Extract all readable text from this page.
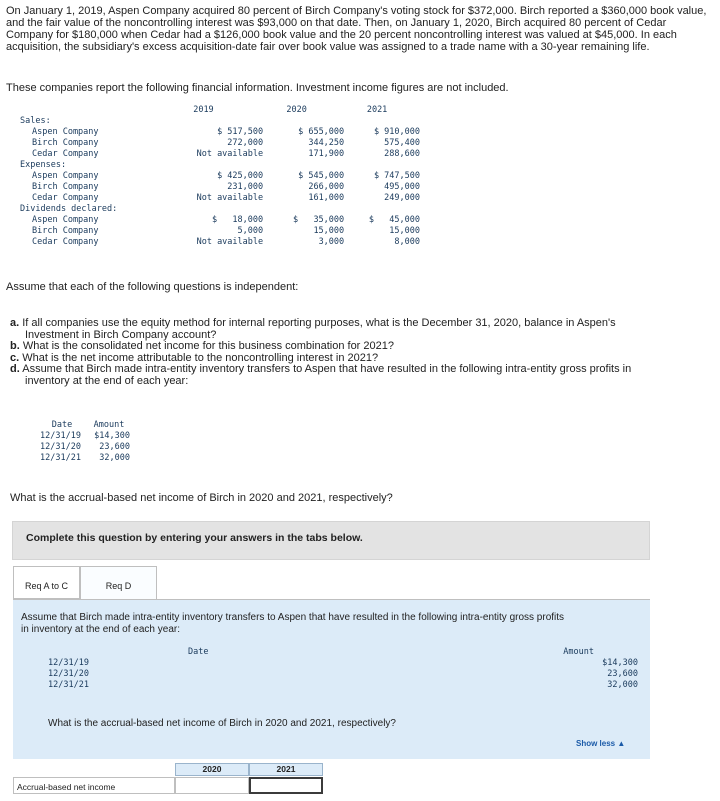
On January 1, 2019, Aspen Company acquired 80 percent of Birch Company's voting stock for $372,000. Birch reported a $360,000 book value, and the fair value of the noncontrolling interest was $93,000 on that date. Then, on January 1, 2020, Birch acquired 80 percent of Cedar Company for $180,000 when Cedar had a $126,000 book value and the 20 percent noncontrolling interest was valued at $45,000. In each acquisition, the subsidiary's excess acquisition-date fair over book value was assigned to a trade name with a 30-year remaining life.
These companies report the following financial information. Investment income figures are not included.
	2019	2020	2021
Sales:			
Aspen Company	$ 517,500	$ 655,000	$ 910,000
Birch Company	272,000	344,250	575,400
Cedar Company	Not available	171,900	288,600
Expenses:			
Aspen Company	$ 425,000	$ 545,000	$ 747,500
Birch Company	231,000	266,000	495,000
Cedar Company	Not available	161,000	249,000
Dividends declared:			
Aspen Company	$   18,000	$   35,000	$   45,000
Birch Company	5,000	15,000	15,000
Cedar Company	Not available	3,000	8,000
Assume that each of the following questions is independent:
a. If all companies use the equity method for internal reporting purposes, what is the December 31, 2020, balance in Aspen's
Investment in Birch Company account?
b. What is the consolidated net income for this business combination for 2021?
c. What is the net income attributable to the noncontrolling interest in 2021?
d. Assume that Birch made intra-entity inventory transfers to Aspen that have resulted in the following intra-entity gross profits in
inventory at the end of each year:
Date	Amount
12/31/19	$14,300
12/31/20	23,600
12/31/21	32,000
What is the accrual-based net income of Birch in 2020 and 2021, respectively?
Complete this question by entering your answers in the tabs below.
Req A to C	Req D
Assume that Birch made intra-entity inventory transfers to Aspen that have resulted in the following intra-entity gross profits
in inventory at the end of each year:
	Date	Amount
12/31/19		$14,300
12/31/20		23,600
12/31/21		32,000
What is the accrual-based net income of Birch in 2020 and 2021, respectively?
Show less ▲
2020	2021
Accrual-based net income
